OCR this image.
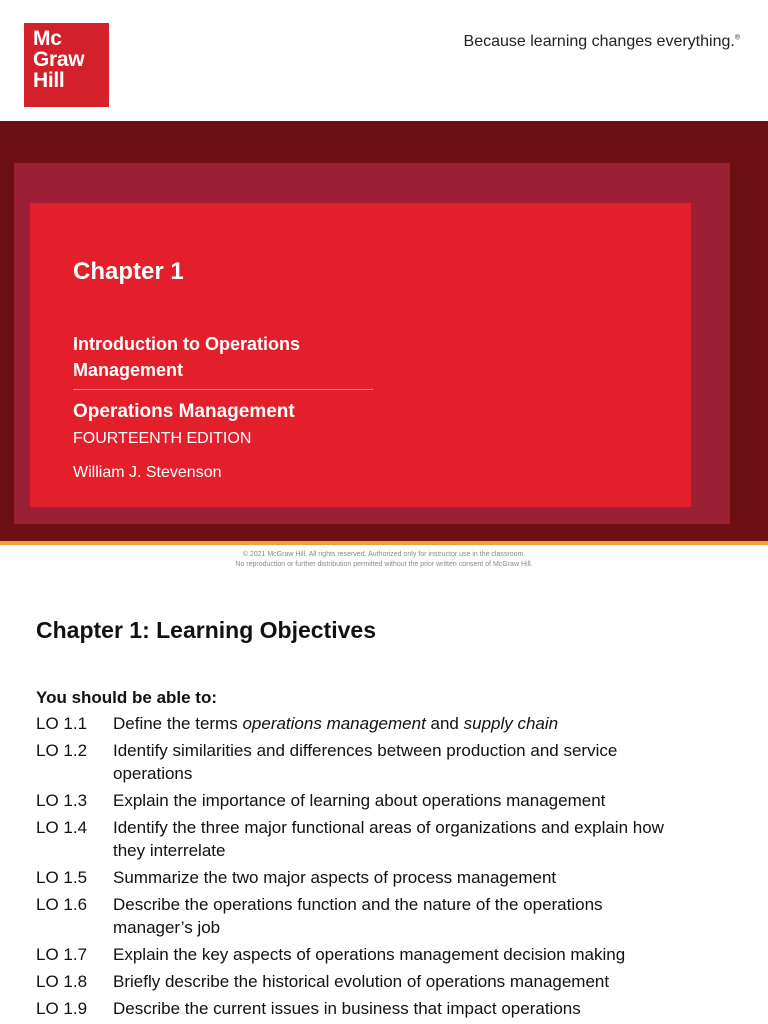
Mc
Graw
Hill
Because learning changes everything.®
Chapter 1
Introduction to Operations
Management
Operations Management
FOURTEENTH EDITION
William J. Stevenson
© 2021 McGraw Hill. All rights reserved. Authorized only for instructor use in the classroom.
No reproduction or further distribution permitted without the prior written consent of McGraw Hill.
Chapter 1: Learning Objectives
You should be able to:
LO 1.1	Define the terms operations management and supply chain
LO 1.2	Identify similarities and differences between production and service
operations
LO 1.3	Explain the importance of learning about operations management
LO 1.4	Identify the three major functional areas of organizations and explain how
they interrelate
LO 1.5	Summarize the two major aspects of process management
LO 1.6	Describe the operations function and the nature of the operations
manager’s job
LO 1.7	Explain the key aspects of operations management decision making
LO 1.8	Briefly describe the historical evolution of operations management
LO 1.9	Describe the current issues in business that impact operations
